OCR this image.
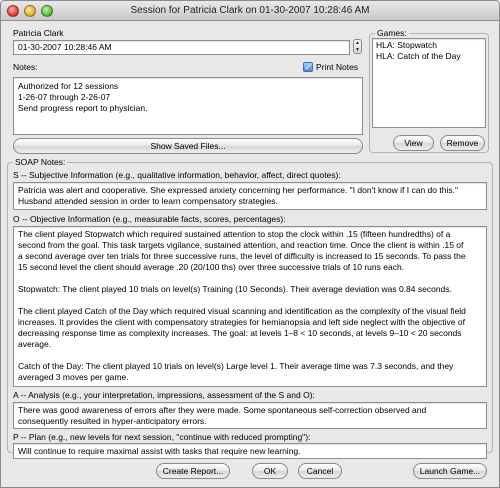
Session for Patricia Clark on 01-30-2007 10:28:46 AM
Patricia Clark
01-30-2007 10:28:46 AM	▲
▼
Notes:	✓ Print Notes
Authorized for 12 sessions
1-26-07 through 2-26-07
Send progress report to physician.
Show Saved Files...
Games:
HLA: Stopwatch
HLA: Catch of the Day
View	Remove
SOAP Notes:
S -- Subjective Information (e.g., qualitative information, behavior, affect, direct quotes):
Patricia was alert and cooperative. She expressed anxiety concerning her performance. "I don't know if I can do this."
Husband attended session in order to learn compensatory strategies.
O -- Objective Information (e.g., measurable facts, scores, percentages):
The client played Stopwatch which required sustained attention to stop the clock within .15 (fifteen hundredths) of a
second from the goal. This task targets vigilance, sustained attention, and reaction time. Once the client is within .15 of
a second average over ten trials for three successive runs, the level of difficulty is increased to 15 seconds. To pass the
15 second level the client should average .20 (20/100 ths) over three successive trials of 10 runs each.
Stopwatch: The client played 10 trials on level(s) Training (10 Seconds). Their average deviation was 0.84 seconds.
The client played Catch of the Day which required visual scanning and identification as the complexity of the visual field
increases. It provides the client with compensatory strategies for hemianopsia and left side neglect with the objective of
decreasing response time as complexity increases. The goal: at levels 1–8 < 10 seconds, at levels 9–10 < 20 seconds
average.
Catch of the Day: The client played 10 trials on level(s) Large level 1. Their average time was 7.3 seconds, and they
averaged 3 moves per game.
A -- Analysis (e.g., your interpretation, impressions, assessment of the S and O):
There was good awareness of errors after they were made. Some spontaneous self-correction observed and
consequently resulted in hyper-anticipatory errors.
P -- Plan (e.g., new levels for next session, "continue with reduced prompting"):
Will continue to require maximal assist with tasks that require new learning.
Create Report...	OK	Cancel	Launch Game...
